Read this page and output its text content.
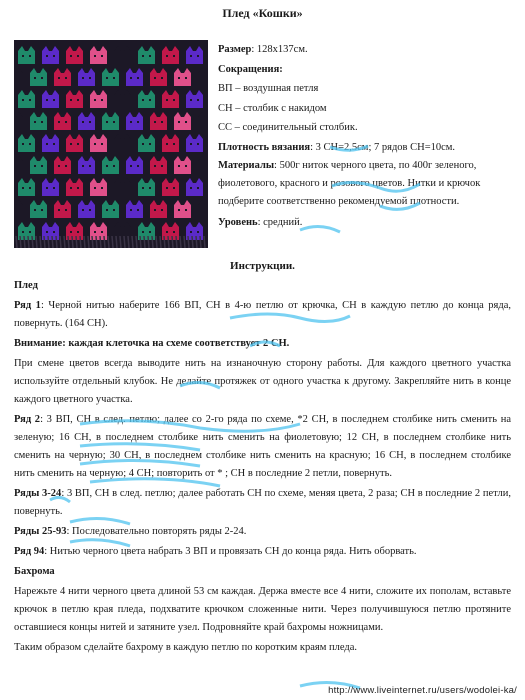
Плед «Кошки»

Размер: 128х137см.

Сокращения:

ВП – воздушная петля

СН – столбик с накидом

СС – соединительный столбик.

Плотность вязания: 3 СН=2,5см; 7 рядов СН=10см.

Материалы: 500г ниток черного цвета, по 400г зеленого, фиолетового, красного и розового цветов. Нитки и крючок подберите соответственно рекомендуемой плотности.

Уровень: средний.

Инструкции.

Плед

Ряд 1: Черной нитью наберите 166 ВП, СН в 4-ю петлю от крючка, СН в каждую петлю до конца ряда, повернуть. (164 СН).

Внимание: каждая клеточка на схеме соответствует 2 СН.

При смене цветов всегда выводите нить на изнаночную сторону работы. Для каждого цветного участка используйте отдельный клубок. Не делайте протяжек от одного участка к другому. Закрепляйте нить в конце каждого цветного участка.

Ряд 2: 3 ВП, СН в след. петлю; далее со 2-го ряда по схеме, *2 СН, в последнем столбике нить сменить на зеленую; 16 СН, в последнем столбике нить сменить на фиолетовую; 12 СН, в последнем столбике нить сменить на черную; 30 СН, в последнем столбике нить сменить на красную; 16 СН, в последнем столбике нить сменить на черную; 4 СН; повторить от * ; СН в последние 2 петли, повернуть.

Ряды 3-24: 3 ВП, СН в след. петлю; далее работать СН по схеме, меняя цвета, 2 раза; СН в последние 2 петли, повернуть.

Ряды 25-93: Последовательно повторять ряды 2-24.

Ряд 94: Нитью черного цвета набрать 3 ВП и провязать СН до конца ряда. Нить оборвать.

Бахрома

Нарежьте 4 нити черного цвета длиной 53 см каждая. Держа вместе все 4 нити, сложите их пополам, вставьте крючок в петлю края пледа, подхватите крючком сложенные нити. Через получившуюся петлю протяните оставшиеся концы нитей и затяните узел. Подровняйте край бахромы ножницами.

Таким образом сделайте бахрому в каждую петлю по коротким краям пледа.

http://www.liveinternet.ru/users/wodolei-ka/
